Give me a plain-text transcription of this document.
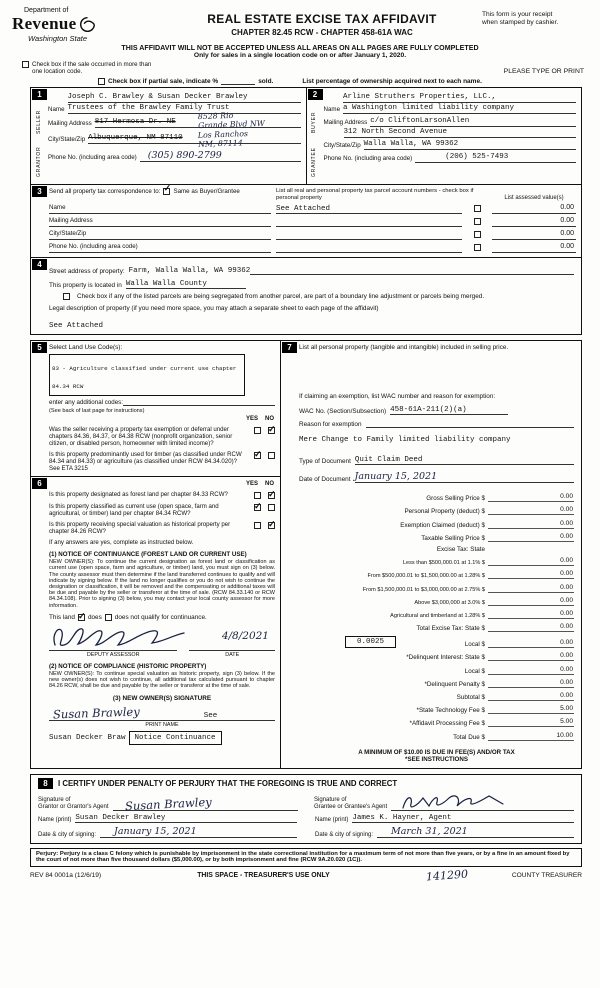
Department of
Revenue
Washington State
REAL ESTATE EXCISE TAX AFFIDAVIT
CHAPTER 82.45 RCW - CHAPTER 458-61A WAC
This form is your receipt
when stamped by cashier.
THIS AFFIDAVIT WILL NOT BE ACCEPTED UNLESS ALL AREAS ON ALL PAGES ARE FULLY COMPLETED
Only for sales in a single location code on or after January 1, 2020.
Check box if the sale occurred in more than one location code.	PLEASE TYPE OR PRINT
Check box if partial sale, indicate %	sold.	List percentage of ownership acquired next to each name.
1
SELLER
GRANTOR
Name
Joseph C. Brawley & Susan Decker Brawley
Trustees of the Brawley Family Trust
Mailing Address 817 Hermosa Dr. NE
8528 Rio
Grande Blvd NW
City/State/Zip Albuquerque, NM 87110	Los Ranchos
NM, 87114
Phone No. (including area code)	(305) 890-2799
2
BUYER
GRANTEE
Name
Arline Struthers Properties, LLC.,
a Washington limited liability company
Mailing Address c/o CliftonLarsonAllen
312 North Second Avenue
City/State/Zip Walla Walla, WA 99362
Phone No. (including area code)	(206) 525-7493
3	Send all property tax correspondence to: ✓ Same as Buyer/Grantee	List all real and personal property tax parcel account numbers - check box if personal property	List assessed value(s)
Name	See Attached	0.00
Mailing Address	0.00
City/State/Zip	0.00
Phone No. (including area code)	0.00
4
Street address of property: Farm, Walla Walla, WA 99362
This property is located in Walla Walla County
Check box if any of the listed parcels are being segregated from another parcel, are part of a boundary line adjustment or parcels being merged.
Legal description of property (if you need more space, you may attach a separate sheet to each page of the affidavit)
See Attached
5	Select Land Use Code(s):
83 - Agriculture classified under current use chapter 84.34 RCW
enter any additional codes:
(See back of last page for instructions)
YES NO
Was the seller receiving a property tax exemption or deferral under chapters 84.36, 84.37, or 84.38 RCW (nonprofit organization, senior citizen, or disabled person, homeowner with limited income)?
✓
Is this property predominantly used for timber (as classified under RCW 84.34 and 84.33) or agriculture (as classified under RCW 84.34.020)? See ETA 3215
✓
6	YES NO
Is this property designated as forest land per chapter 84.33 RCW?
✓
Is this property classified as current use (open space, farm and agricultural, or timber) land per chapter 84.34 RCW?
✓
Is this property receiving special valuation as historical property per chapter 84.26 RCW?
✓
If any answers are yes, complete as instructed below.
(1) NOTICE OF CONTINUANCE (FOREST LAND OR CURRENT USE)
NEW OWNER(S): To continue the current designation as forest land or classification as current use (open space, farm and agriculture, or timber) land, you must sign on (3) below. The county assessor must then determine if the land transferred continues to qualify and will indicate by signing below. If the land no longer qualifies or you do not wish to continue the designation or classification, it will be removed and the compensating or additional taxes will be due and payable by the seller or transferor at the time of sale. (RCW 84.33.140 or RCW 84.34.108). Prior to signing (3) below, you may contact your local county assessor for more information.
This land ✓ does does not qualify for continuance.
4/8/2021
DEPUTY ASSESSOR	DATE
(2) NOTICE OF COMPLIANCE (HISTORIC PROPERTY)
NEW OWNER(S): To continue special valuation as historic property, sign (3) below. If the new owner(s) does not wish to continue, all additional tax calculated pursuant to chapter 84.26 RCW, shall be due and payable by the seller or transferor at the time of sale.
(3) NEW OWNER(S) SIGNATURE
Susan Brawley	See
PRINT NAME
Susan Decker Braw	Notice Continuance
7	List all personal property (tangible and intangible) included in selling price.
If claiming an exemption, list WAC number and reason for exemption:
WAC No. (Section/Subsection) 458-61A-211(2)(a)
Reason for exemption
Mere Change to Family limited liability company
Type of Document Quit Claim Deed
Date of Document January 15, 2021
Gross Selling Price $	0.00
Personal Property (deduct) $	0.00
Exemption Claimed (deduct) $	0.00
Taxable Selling Price $	0.00
Excise Tax: State
Less than $500,000.01 at 1.1% $	0.00
From $500,000.01 to $1,500,000.00 at 1.28% $	0.00
From $1,500,000.01 to $3,000,000.00 at 2.75% $	0.00
Above $3,000,000 at 3.0% $	0.00
Agricultural and timberland at 1.28% $	0.00
Total Excise Tax: State $	0.00
0.0025	Local $	0.00
*Delinquent Interest: State $	0.00
Local $	0.00
*Delinquent Penalty $	0.00
Subtotal $	0.00
*State Technology Fee $	5.00
*Affidavit Processing Fee $	5.00
Total Due $	10.00
A MINIMUM OF $10.00 IS DUE IN FEE(S) AND/OR TAX
*SEE INSTRUCTIONS
8	I CERTIFY UNDER PENALTY OF PERJURY THAT THE FOREGOING IS TRUE AND CORRECT
Signature of
Grantor or Grantor's Agent Susan Brawley	Signature of
Grantee or Grantee's Agent
Name (print) Susan Decker Brawley	Name (print) James K. Hayner, Agent
Date & city of signing:	January 15, 2021	Date & city of signing:	March 31, 2021
Perjury: Perjury is a class C felony which is punishable by imprisonment in the state correctional institution for a maximum term of not more than five years, or by a fine in an amount fixed by the court of not more than five thousand dollars ($5,000.00), or by both imprisonment and fine (RCW 9A.20.020 (1C)).
REV 84 0001a (12/6/19)	THIS SPACE - TREASURER'S USE ONLY	141290	COUNTY TREASURER
